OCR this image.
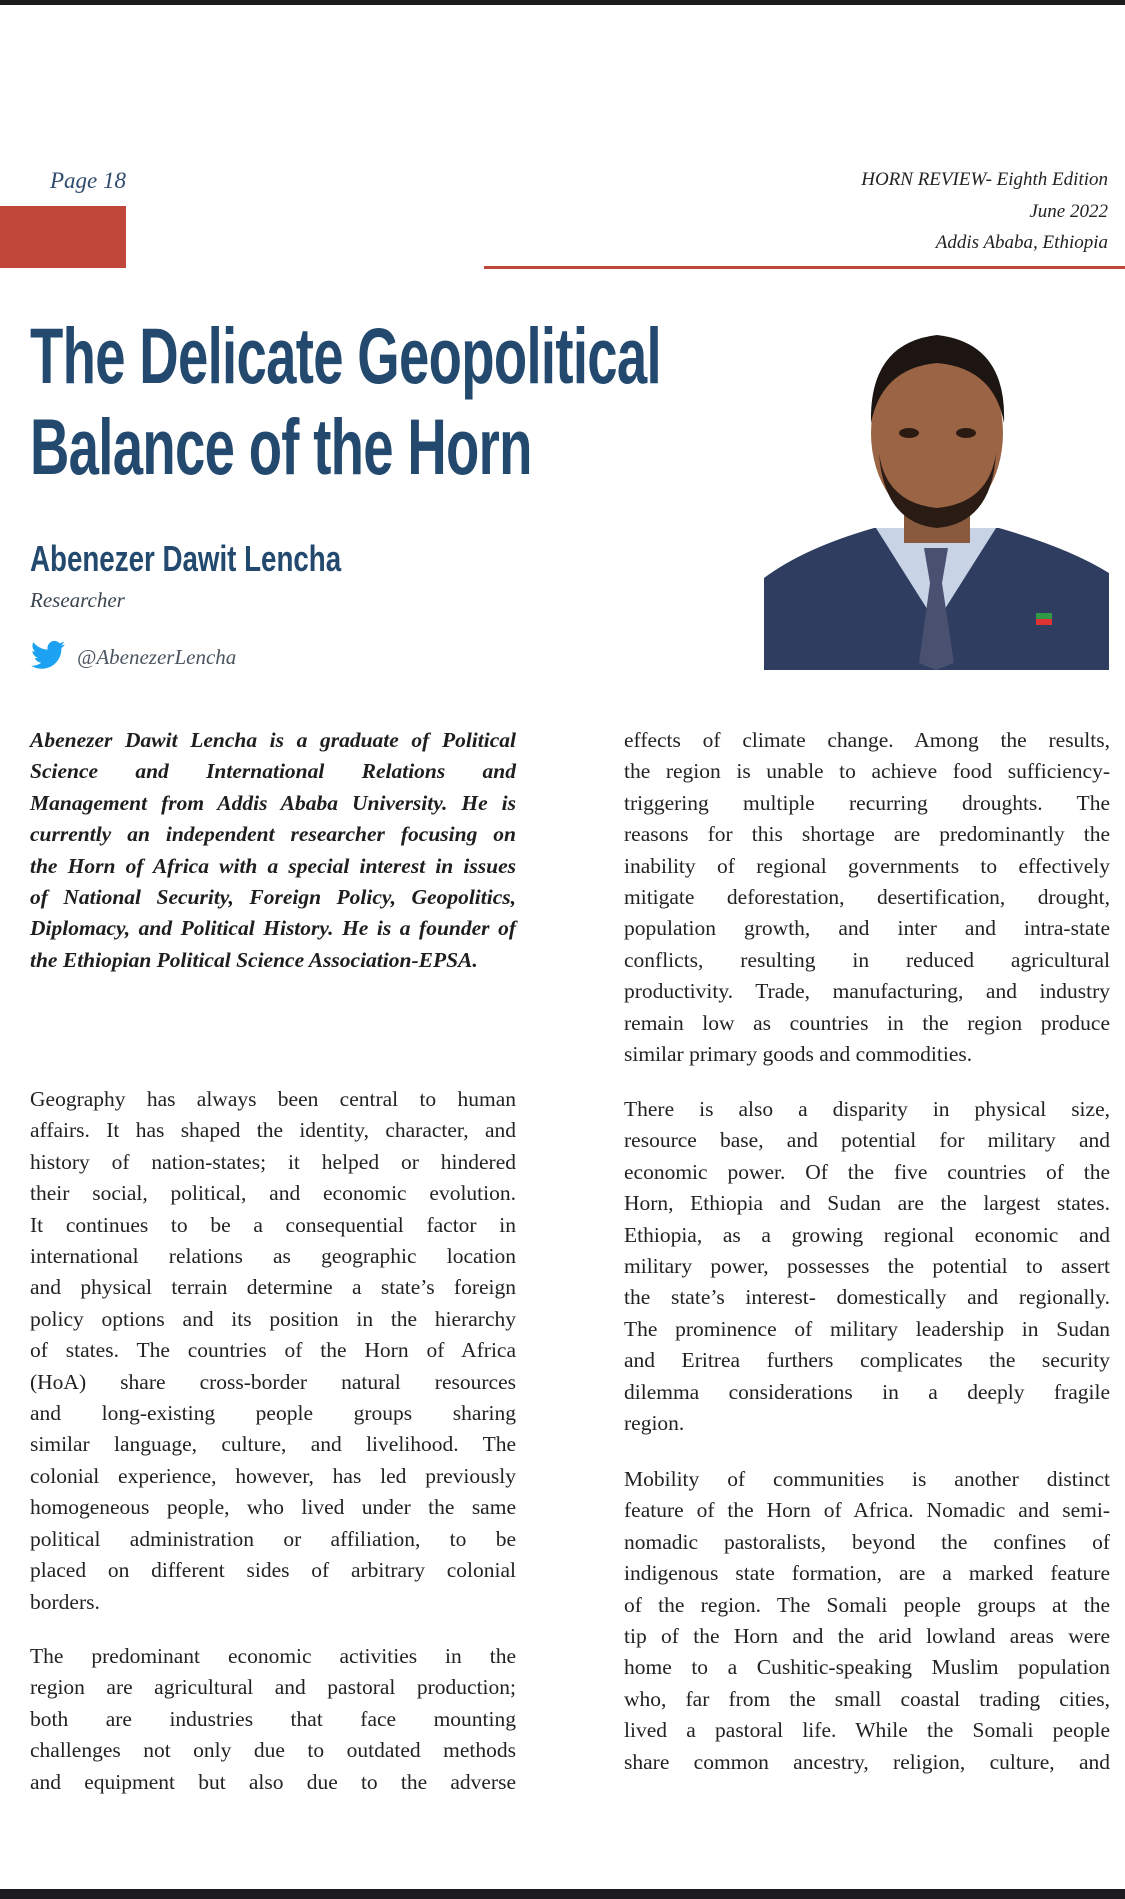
Page 18	HORN REVIEW- Eighth Edition
June 2022
Addis Ababa, Ethiopia
The Delicate Geopolitical
Balance of the Horn
Abenezer Dawit Lencha
Researcher
@AbenezerLencha
Abenezer Dawit Lencha is a graduate of Political
Science and International Relations and
Management from Addis Ababa University. He is
currently an independent researcher focusing on
the Horn of Africa with a special interest in issues
of National Security, Foreign Policy, Geopolitics,
Diplomacy, and Political History. He is a founder of
the Ethiopian Political Science Association-EPSA.
Geography has always been central to human
affairs. It has shaped the identity, character, and
history of nation-states; it helped or hindered
their social, political, and economic evolution.
It continues to be a consequential factor in
international relations as geographic location
and physical terrain determine a state’s foreign
policy options and its position in the hierarchy
of states. The countries of the Horn of Africa
(HoA) share cross-border natural resources
and long-existing people groups sharing
similar language, culture, and livelihood. The
colonial experience, however, has led previously
homogeneous people, who lived under the same
political administration or affiliation, to be
placed on different sides of arbitrary colonial
borders.
The predominant economic activities in the
region are agricultural and pastoral production;
both are industries that face mounting
challenges not only due to outdated methods
and equipment but also due to the adverse
effects of climate change. Among the results,
the region is unable to achieve food sufficiency-
triggering multiple recurring droughts. The
reasons for this shortage are predominantly the
inability of regional governments to effectively
mitigate deforestation, desertification, drought,
population growth, and inter and intra-state
conflicts, resulting in reduced agricultural
productivity. Trade, manufacturing, and industry
remain low as countries in the region produce
similar primary goods and commodities.
There is also a disparity in physical size,
resource base, and potential for military and
economic power. Of the five countries of the
Horn, Ethiopia and Sudan are the largest states.
Ethiopia, as a growing regional economic and
military power, possesses the potential to assert
the state’s interest- domestically and regionally.
The prominence of military leadership in Sudan
and Eritrea furthers complicates the security
dilemma considerations in a deeply fragile
region.
Mobility of communities is another distinct
feature of the Horn of Africa. Nomadic and semi-
nomadic pastoralists, beyond the confines of
indigenous state formation, are a marked feature
of the region. The Somali people groups at the
tip of the Horn and the arid lowland areas were
home to a Cushitic-speaking Muslim population
who, far from the small coastal trading cities,
lived a pastoral life. While the Somali people
share common ancestry, religion, culture, and
